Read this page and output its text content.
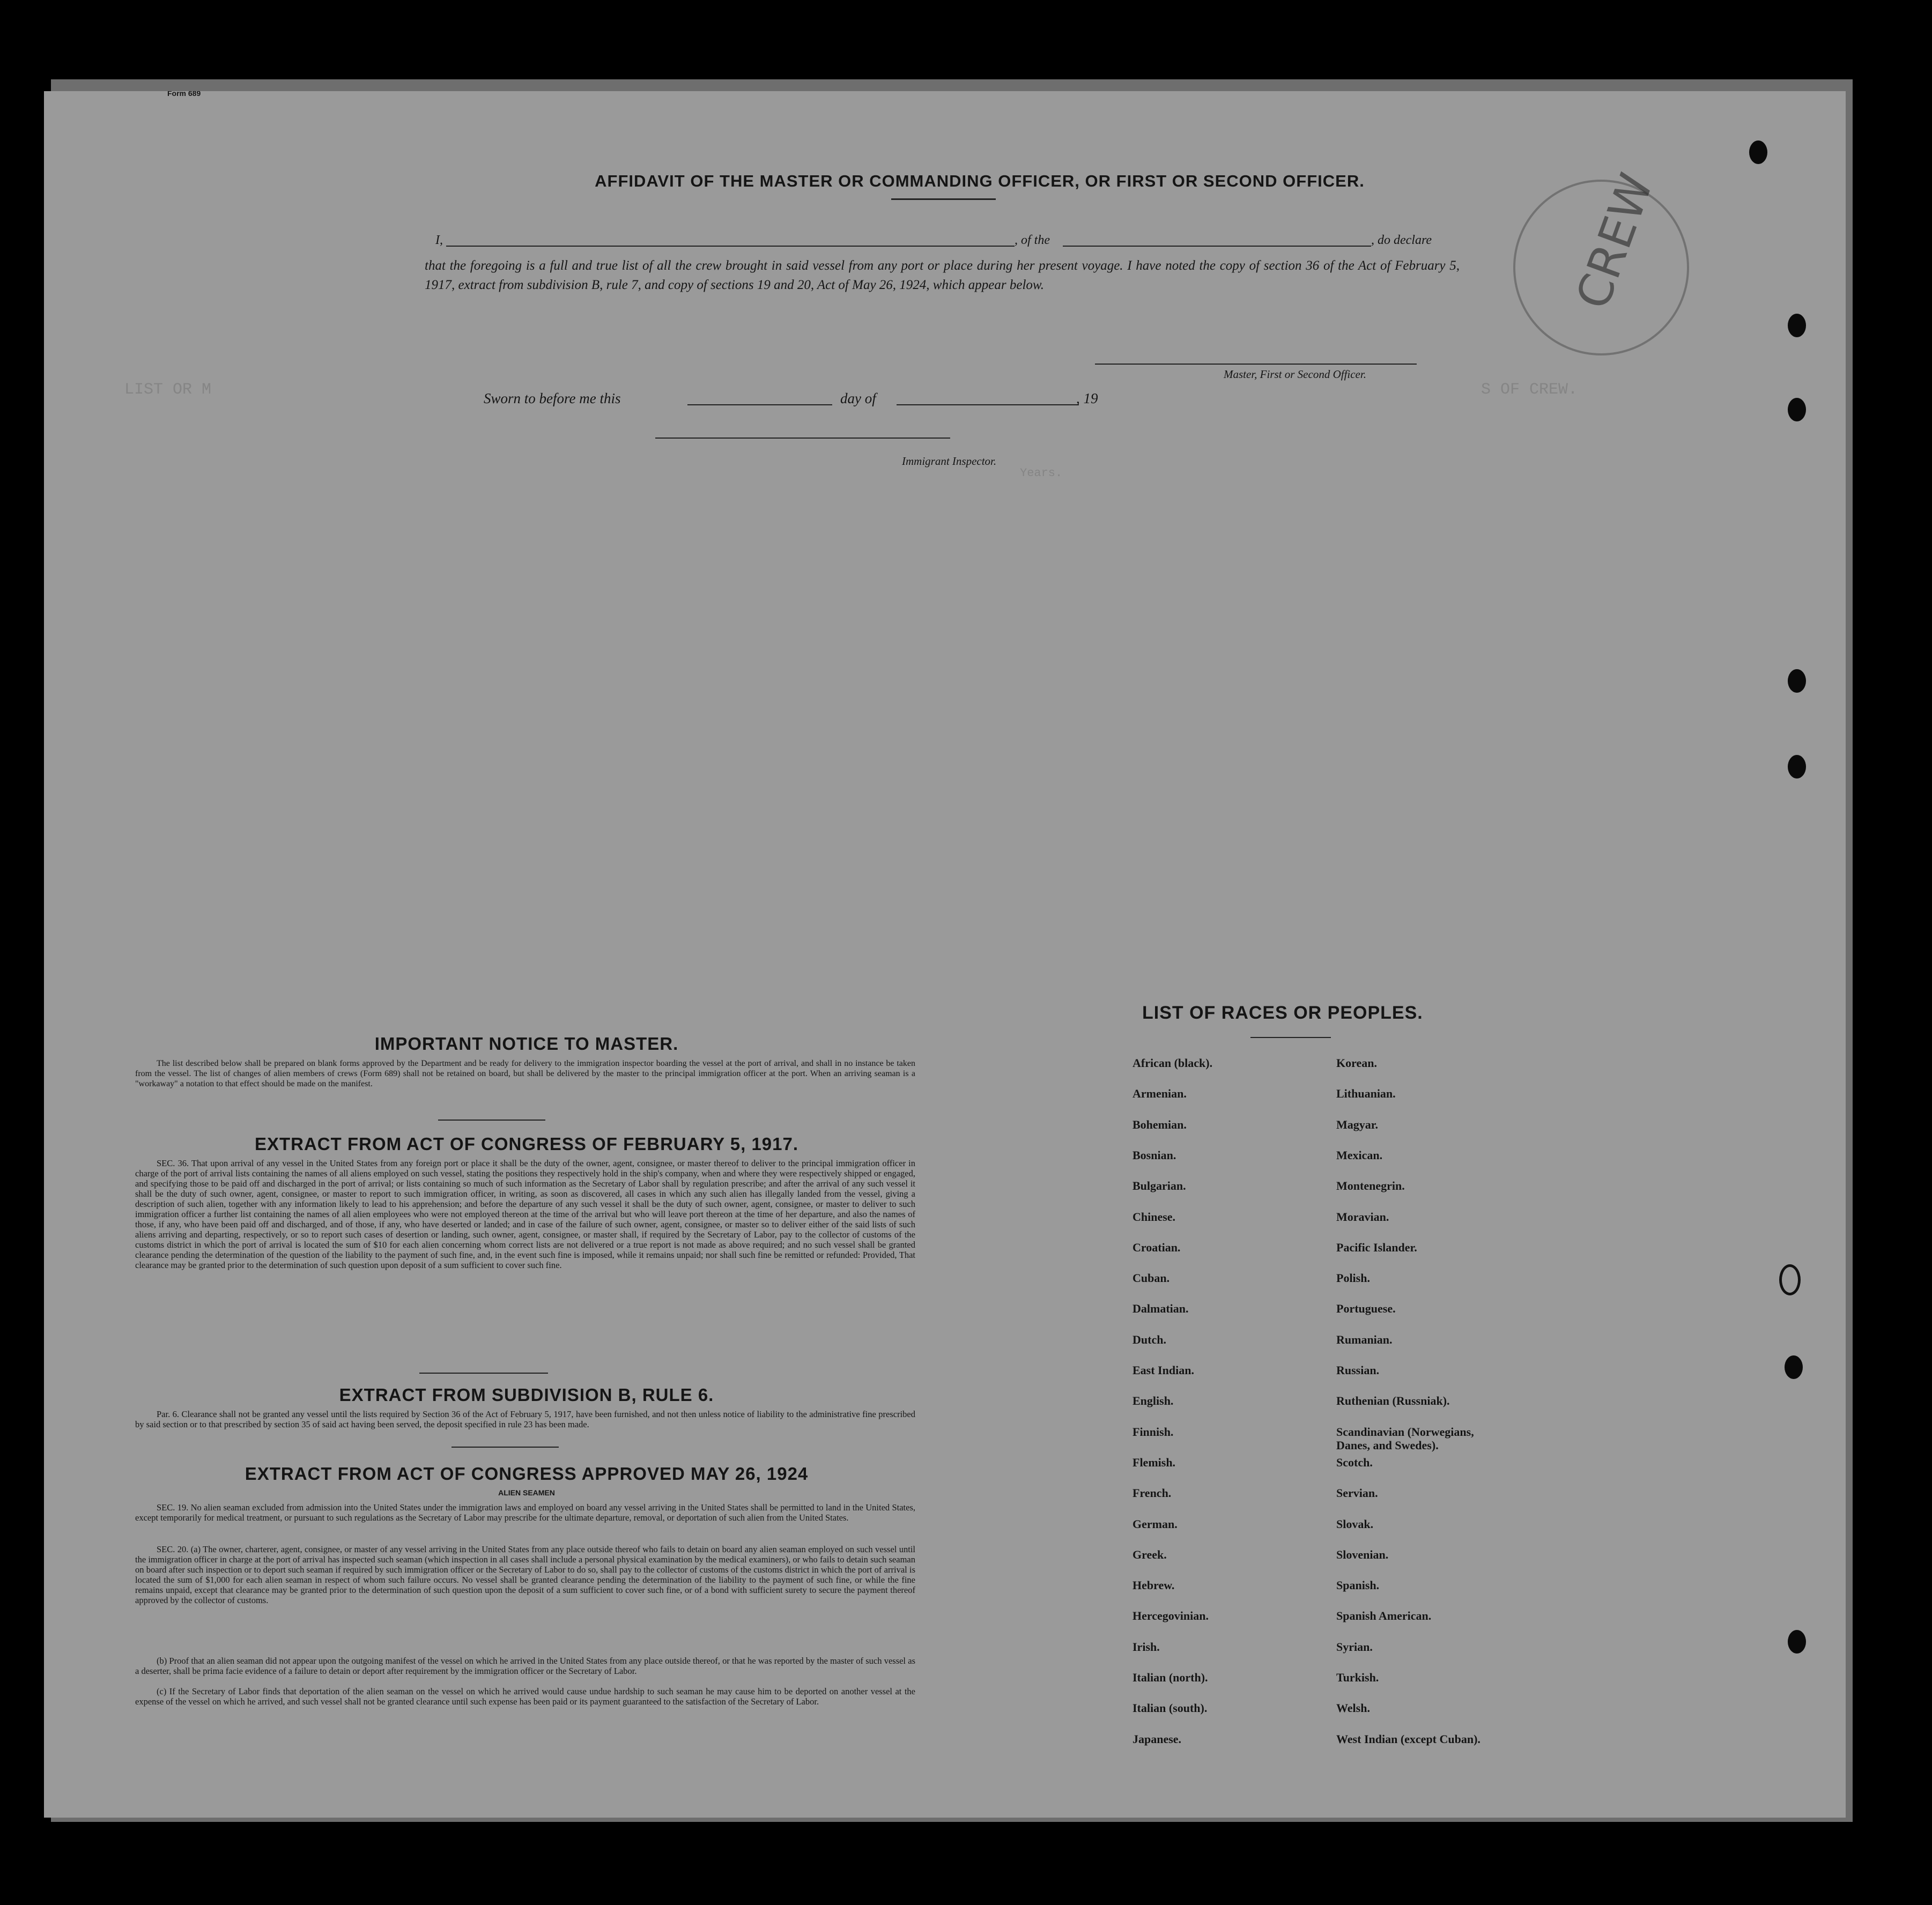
Years.
LIST OR M	S OF CREW.
CREW
Form 689
AFFIDAVIT OF THE MASTER OR COMMANDING OFFICER, OR FIRST OR SECOND OFFICER.
I,	, of the	, do declare
that the foregoing is a full and true list of all the crew brought in said vessel from any port or place during her present voyage. I have noted the copy of section 36 of the Act of February 5, 1917, extract from subdivision B, rule 7, and copy of sections 19 and 20, Act of May 26, 1924, which appear below.
Master, First or Second Officer.
Sworn to before me this	day of	, 19
Immigrant Inspector.
IMPORTANT NOTICE TO MASTER.
The list described below shall be prepared on blank forms approved by the Department and be ready for delivery to the immigration inspector boarding the vessel at the port of arrival, and shall in no instance be taken from the vessel. The list of changes of alien members of crews (Form 689) shall not be retained on board, but shall be delivered by the master to the principal immigration officer at the port. When an arriving seaman is a "workaway" a notation to that effect should be made on the manifest.
EXTRACT FROM ACT OF CONGRESS OF FEBRUARY 5, 1917.
SEC. 36. That upon arrival of any vessel in the United States from any foreign port or place it shall be the duty of the owner, agent, consignee, or master thereof to deliver to the principal immigration officer in charge of the port of arrival lists containing the names of all aliens employed on such vessel, stating the positions they respectively hold in the ship's company, when and where they were respectively shipped or engaged, and specifying those to be paid off and discharged in the port of arrival; or lists containing so much of such information as the Secretary of Labor shall by regulation prescribe; and after the arrival of any such vessel it shall be the duty of such owner, agent, consignee, or master to report to such immigration officer, in writing, as soon as discovered, all cases in which any such alien has illegally landed from the vessel, giving a description of such alien, together with any information likely to lead to his apprehension; and before the departure of any such vessel it shall be the duty of such owner, agent, consignee, or master to deliver to such immigration officer a further list containing the names of all alien employees who were not employed thereon at the time of the arrival but who will leave port thereon at the time of her departure, and also the names of those, if any, who have been paid off and discharged, and of those, if any, who have deserted or landed; and in case of the failure of such owner, agent, consignee, or master so to deliver either of the said lists of such aliens arriving and departing, respectively, or so to report such cases of desertion or landing, such owner, agent, consignee, or master shall, if required by the Secretary of Labor, pay to the collector of customs of the customs district in which the port of arrival is located the sum of $10 for each alien concerning whom correct lists are not delivered or a true report is not made as above required; and no such vessel shall be granted clearance pending the determination of the question of the liability to the payment of such fine, and, in the event such fine is imposed, while it remains unpaid; nor shall such fine be remitted or refunded: Provided, That clearance may be granted prior to the determination of such question upon deposit of a sum sufficient to cover such fine.
EXTRACT FROM SUBDIVISION B, RULE 6.
Par. 6. Clearance shall not be granted any vessel until the lists required by Section 36 of the Act of February 5, 1917, have been furnished, and not then unless notice of liability to the administrative fine prescribed by said section or to that prescribed by section 35 of said act having been served, the deposit specified in rule 23 has been made.
EXTRACT FROM ACT OF CONGRESS APPROVED MAY 26, 1924
ALIEN SEAMEN
SEC. 19. No alien seaman excluded from admission into the United States under the immigration laws and employed on board any vessel arriving in the United States shall be permitted to land in the United States, except temporarily for medical treatment, or pursuant to such regulations as the Secretary of Labor may prescribe for the ultimate departure, removal, or deportation of such alien from the United States.
SEC. 20. (a) The owner, charterer, agent, consignee, or master of any vessel arriving in the United States from any place outside thereof who fails to detain on board any alien seaman employed on such vessel until the immigration officer in charge at the port of arrival has inspected such seaman (which inspection in all cases shall include a personal physical examination by the medical examiners), or who fails to detain such seaman on board after such inspection or to deport such seaman if required by such immigration officer or the Secretary of Labor to do so, shall pay to the collector of customs of the customs district in which the port of arrival is located the sum of $1,000 for each alien seaman in respect of whom such failure occurs. No vessel shall be granted clearance pending the determination of the liability to the payment of such fine, or while the fine remains unpaid, except that clearance may be granted prior to the determination of such question upon the deposit of a sum sufficient to cover such fine, or of a bond with sufficient surety to secure the payment thereof approved by the collector of customs.
(b) Proof that an alien seaman did not appear upon the outgoing manifest of the vessel on which he arrived in the United States from any place outside thereof, or that he was reported by the master of such vessel as a deserter, shall be prima facie evidence of a failure to detain or deport after requirement by the immigration officer or the Secretary of Labor.
(c) If the Secretary of Labor finds that deportation of the alien seaman on the vessel on which he arrived would cause undue hardship to such seaman he may cause him to be deported on another vessel at the expense of the vessel on which he arrived, and such vessel shall not be granted clearance until such expense has been paid or its payment guaranteed to the satisfaction of the Secretary of Labor.
LIST OF RACES OR PEOPLES.
African (black).
Armenian.
Bohemian.
Bosnian.
Bulgarian.
Chinese.
Croatian.
Cuban.
Dalmatian.
Dutch.
East Indian.
English.
Finnish.
Flemish.
French.
German.
Greek.
Hebrew.
Hercegovinian.
Irish.
Italian (north).
Italian (south).
Japanese.
Korean.
Lithuanian.
Magyar.
Mexican.
Montenegrin.
Moravian.
Pacific Islander.
Polish.
Portuguese.
Rumanian.
Russian.
Ruthenian (Russniak).
Scandinavian (Norwegians, Danes, and Swedes).
Scotch.
Servian.
Slovak.
Slovenian.
Spanish.
Spanish American.
Syrian.
Turkish.
Welsh.
West Indian (except Cuban).
